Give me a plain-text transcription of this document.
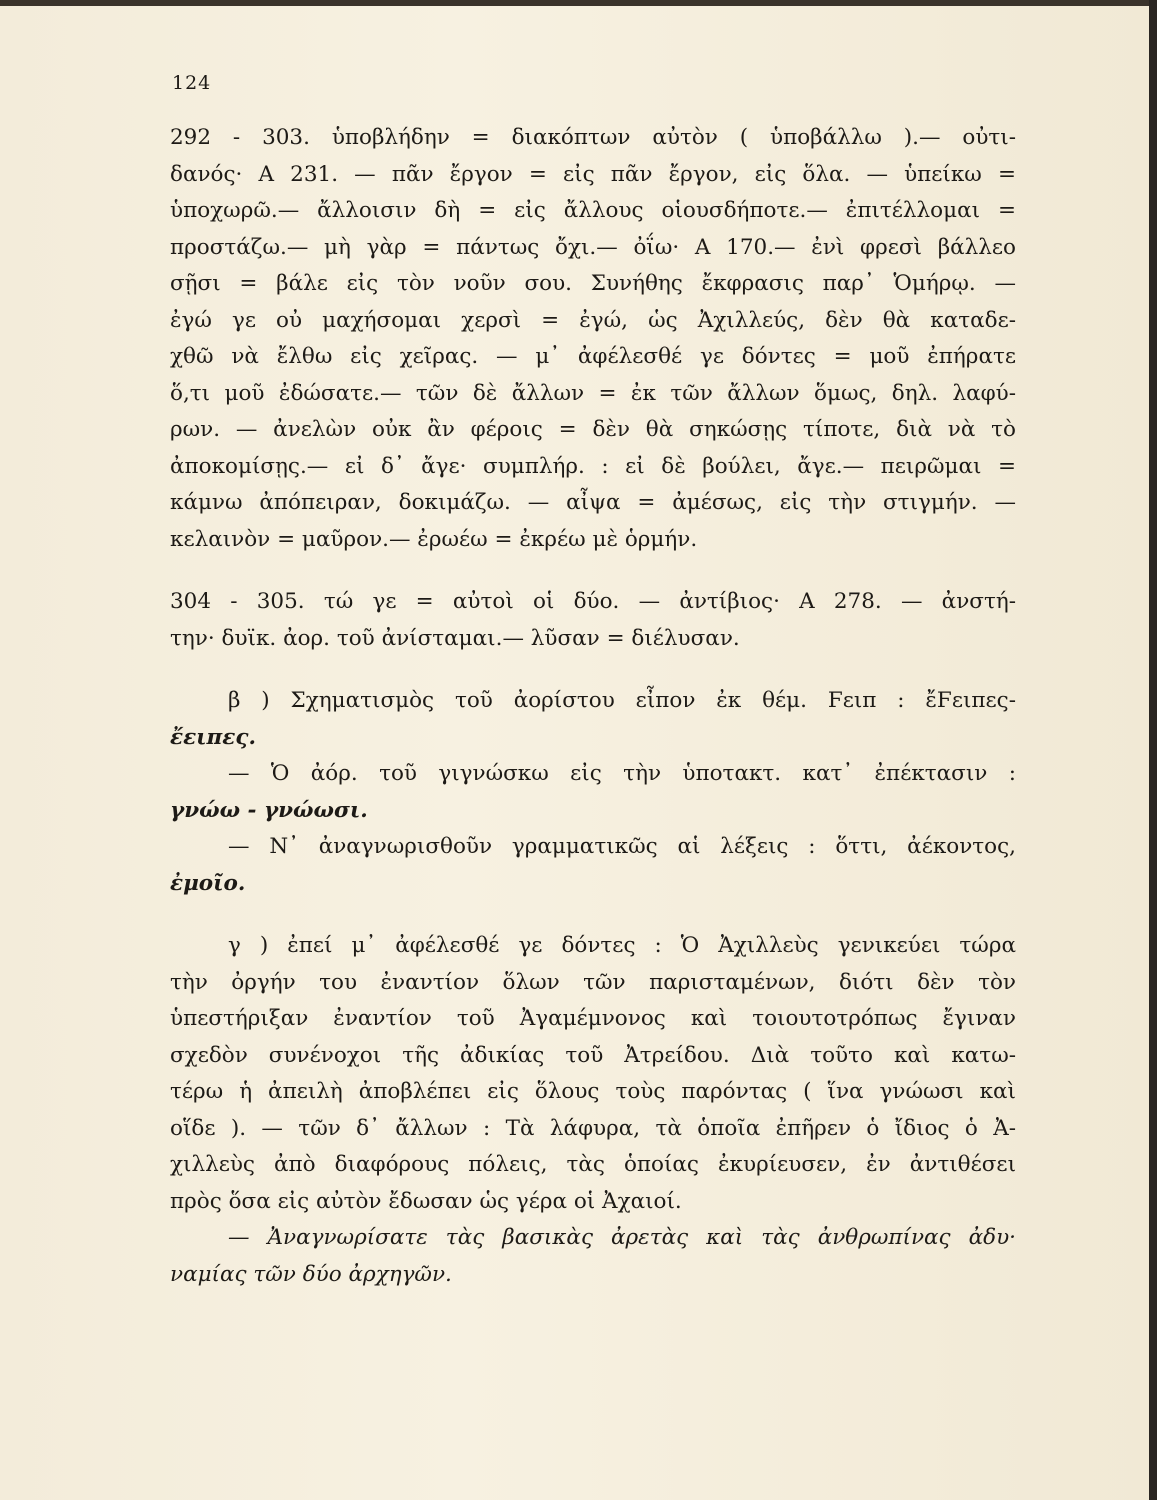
124
292 - 303. ὑποβλήδην = διακόπτων αὐτὸν ( ὑποβάλλω ).— οὐτι-
δανός· Α 231. — πᾶν ἔργον = εἰς πᾶν ἔργον, εἰς ὅλα. — ὑπείκω =
ὑποχωρῶ.— ἄλλοισιν δὴ = εἰς ἄλλους οἱουσδήποτε.— ἐπιτέλλομαι =
προστάζω.— μὴ γὰρ = πάντως ὄχι.— ὀΐω· Α 170.— ἐνὶ φρεσὶ βάλλεο
σῇσι = βάλε εἰς τὸν νοῦν σου. Συνήθης ἔκφρασις παρ᾽ Ὁμήρῳ. —
ἐγώ γε οὐ μαχήσομαι χερσὶ = ἐγώ, ὡς Ἀχιλλεύς, δὲν θὰ καταδε-
χθῶ νὰ ἔλθω εἰς χεῖρας. — μ᾽ ἀφέλεσθέ γε δόντες = μοῦ ἐπήρατε
ὅ,τι μοῦ ἐδώσατε.— τῶν δὲ ἄλλων = ἐκ τῶν ἄλλων ὅμως, δηλ. λαφύ-
ρων. — ἀνελὼν οὐκ ἂν φέροις = δὲν θὰ σηκώσῃς τίποτε, διὰ νὰ τὸ
ἀποκομίσῃς.— εἰ δ᾽ ἄγε· συμπλήρ. : εἰ δὲ βούλει, ἄγε.— πειρῶμαι =
κάμνω ἀπόπειραν, δοκιμάζω. — αἶψα = ἀμέσως, εἰς τὴν στιγμήν. —
κελαινὸν = μαῦρον.— ἐρωέω = ἐκρέω μὲ ὁρμήν.
304 - 305. τώ γε = αὐτοὶ οἱ δύο. — ἀντίβιος· Α 278. — ἀνστή-
την· δυϊκ. ἀορ. τοῦ ἀνίσταμαι.— λῦσαν = διέλυσαν.
β ) Σχηματισμὸς τοῦ ἀορίστου εἶπον ἐκ θέμ. Ϝειπ : ἔϜειπες-
ἔειπες.
— Ὁ ἀόρ. τοῦ γιγνώσκω εἰς τὴν ὑποτακτ. κατ᾽ ἐπέκτασιν :
γνώω - γνώωσι.
— Ν᾽ ἀναγνωρισθοῦν γραμματικῶς αἱ λέξεις : ὅττι, ἀέκοντος,
ἐμοῖο.
γ ) ἐπεί μ᾽ ἀφέλεσθέ γε δόντες : Ὁ Ἀχιλλεὺς γενικεύει τώρα
τὴν ὀργήν του ἐναντίον ὅλων τῶν παρισταμένων, διότι δὲν τὸν
ὑπεστήριξαν ἐναντίον τοῦ Ἀγαμέμνονος καὶ τοιουτοτρόπως ἔγιναν
σχεδὸν συνένοχοι τῆς ἀδικίας τοῦ Ἀτρείδου. Διὰ τοῦτο καὶ κατω-
τέρω ἡ ἀπειλὴ ἀποβλέπει εἰς ὅλους τοὺς παρόντας ( ἵνα γνώωσι καὶ
οἵδε ). — τῶν δ᾽ ἄλλων : Τὰ λάφυρα, τὰ ὁποῖα ἐπῆρεν ὁ ἴδιος ὁ Ἀ-
χιλλεὺς ἀπὸ διαφόρους πόλεις, τὰς ὁποίας ἐκυρίευσεν, ἐν ἀντιθέσει
πρὸς ὅσα εἰς αὐτὸν ἔδωσαν ὡς γέρα οἱ Ἀχαιοί.
— Ἀναγνωρίσατε τὰς βασικὰς ἀρετὰς καὶ τὰς ἀνθρωπίνας ἀδυ·
ναμίας τῶν δύο ἀρχηγῶν.
